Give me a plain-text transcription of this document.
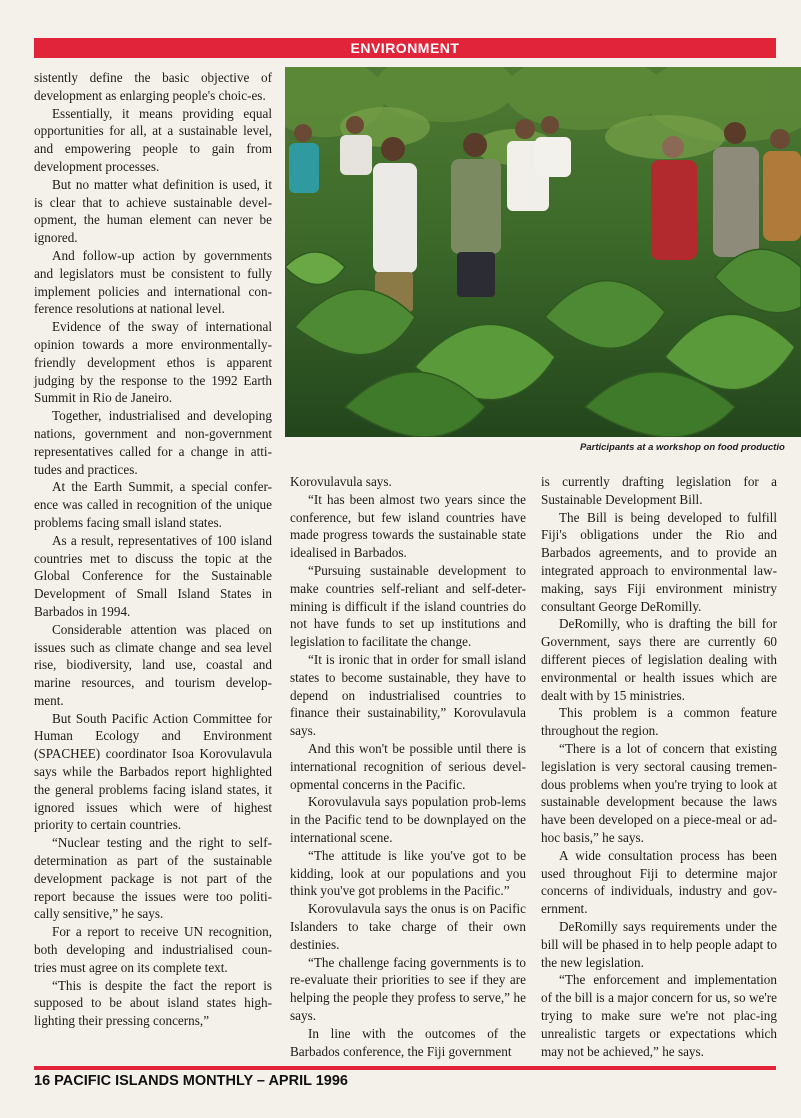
ENVIRONMENT

sistently define the basic objective of development as enlarging people's choic-es.

Essentially, it means providing equal opportunities for all, at a sustainable level, and empowering people to gain from development processes.

But no matter what definition is used, it is clear that to achieve sustainable devel-opment, the human element can never be ignored.

And follow-up action by governments and legislators must be consistent to fully implement policies and international con-ference resolutions at national level.

Evidence of the sway of international opinion towards a more environmentally-friendly development ethos is apparent judging by the response to the 1992 Earth Summit in Rio de Janeiro.

Together, industrialised and developing nations, government and non-government representatives called for a change in atti-tudes and practices.

At the Earth Summit, a special confer-ence was called in recognition of the unique problems facing small island states.

As a result, representatives of 100 island countries met to discuss the topic at the Global Conference for the Sustainable Development of Small Island States in Barbados in 1994.

Considerable attention was placed on issues such as climate change and sea level rise, biodiversity, land use, coastal and marine resources, and tourism develop-ment.

But South Pacific Action Committee for Human Ecology and Environment (SPACHEE) coordinator Isoa Korovulavula says while the Barbados report highlighted the general problems facing island states, it ignored issues which were of highest priority to certain countries.

“Nuclear testing and the right to self-determination as part of the sustainable development package is not part of the report because the issues were too politi-cally sensitive,” he says.

For a report to receive UN recognition, both developing and industrialised coun-tries must agree on its complete text.

“This is despite the fact the report is supposed to be about island states high-lighting their pressing concerns,”

Participants at a workshop on food productio

Korovulavula says.

“It has been almost two years since the conference, but few island countries have made progress towards the sustainable state idealised in Barbados.

“Pursuing sustainable development to make countries self-reliant and self-deter-mining is difficult if the island countries do not have funds to set up institutions and legislation to facilitate the change.

“It is ironic that in order for small island states to become sustainable, they have to depend on industrialised countries to finance their sustainability,” Korovulavula says.

And this won't be possible until there is international recognition of serious devel-opmental concerns in the Pacific.

Korovulavula says population prob-lems in the Pacific tend to be downplayed on the international scene.

“The attitude is like you've got to be kidding, look at our populations and you think you've got problems in the Pacific.”

Korovulavula says the onus is on Pacific Islanders to take charge of their own destinies.

“The challenge facing governments is to re-evaluate their priorities to see if they are helping the people they profess to serve,” he says.

In line with the outcomes of the Barbados conference, the Fiji government

is currently drafting legislation for a Sustainable Development Bill.

The Bill is being developed to fulfill Fiji's obligations under the Rio and Barbados agreements, and to provide an integrated approach to environmental law-making, says Fiji environment ministry consultant George DeRomilly.

DeRomilly, who is drafting the bill for Government, says there are currently 60 different pieces of legislation dealing with environmental or health issues which are dealt with by 15 ministries.

This problem is a common feature throughout the region.

“There is a lot of concern that existing legislation is very sectoral causing tremen-dous problems when you're trying to look at sustainable development because the laws have been developed on a piece-meal or ad-hoc basis,” he says.

A wide consultation process has been used throughout Fiji to determine major concerns of individuals, industry and gov-ernment.

DeRomilly says requirements under the bill will be phased in to help people adapt to the new legislation.

“The enforcement and implementation of the bill is a major concern for us, so we're trying to make sure we're not plac-ing unrealistic targets or expectations which may not be achieved,” he says.

16 PACIFIC ISLANDS MONTHLY – APRIL 1996
